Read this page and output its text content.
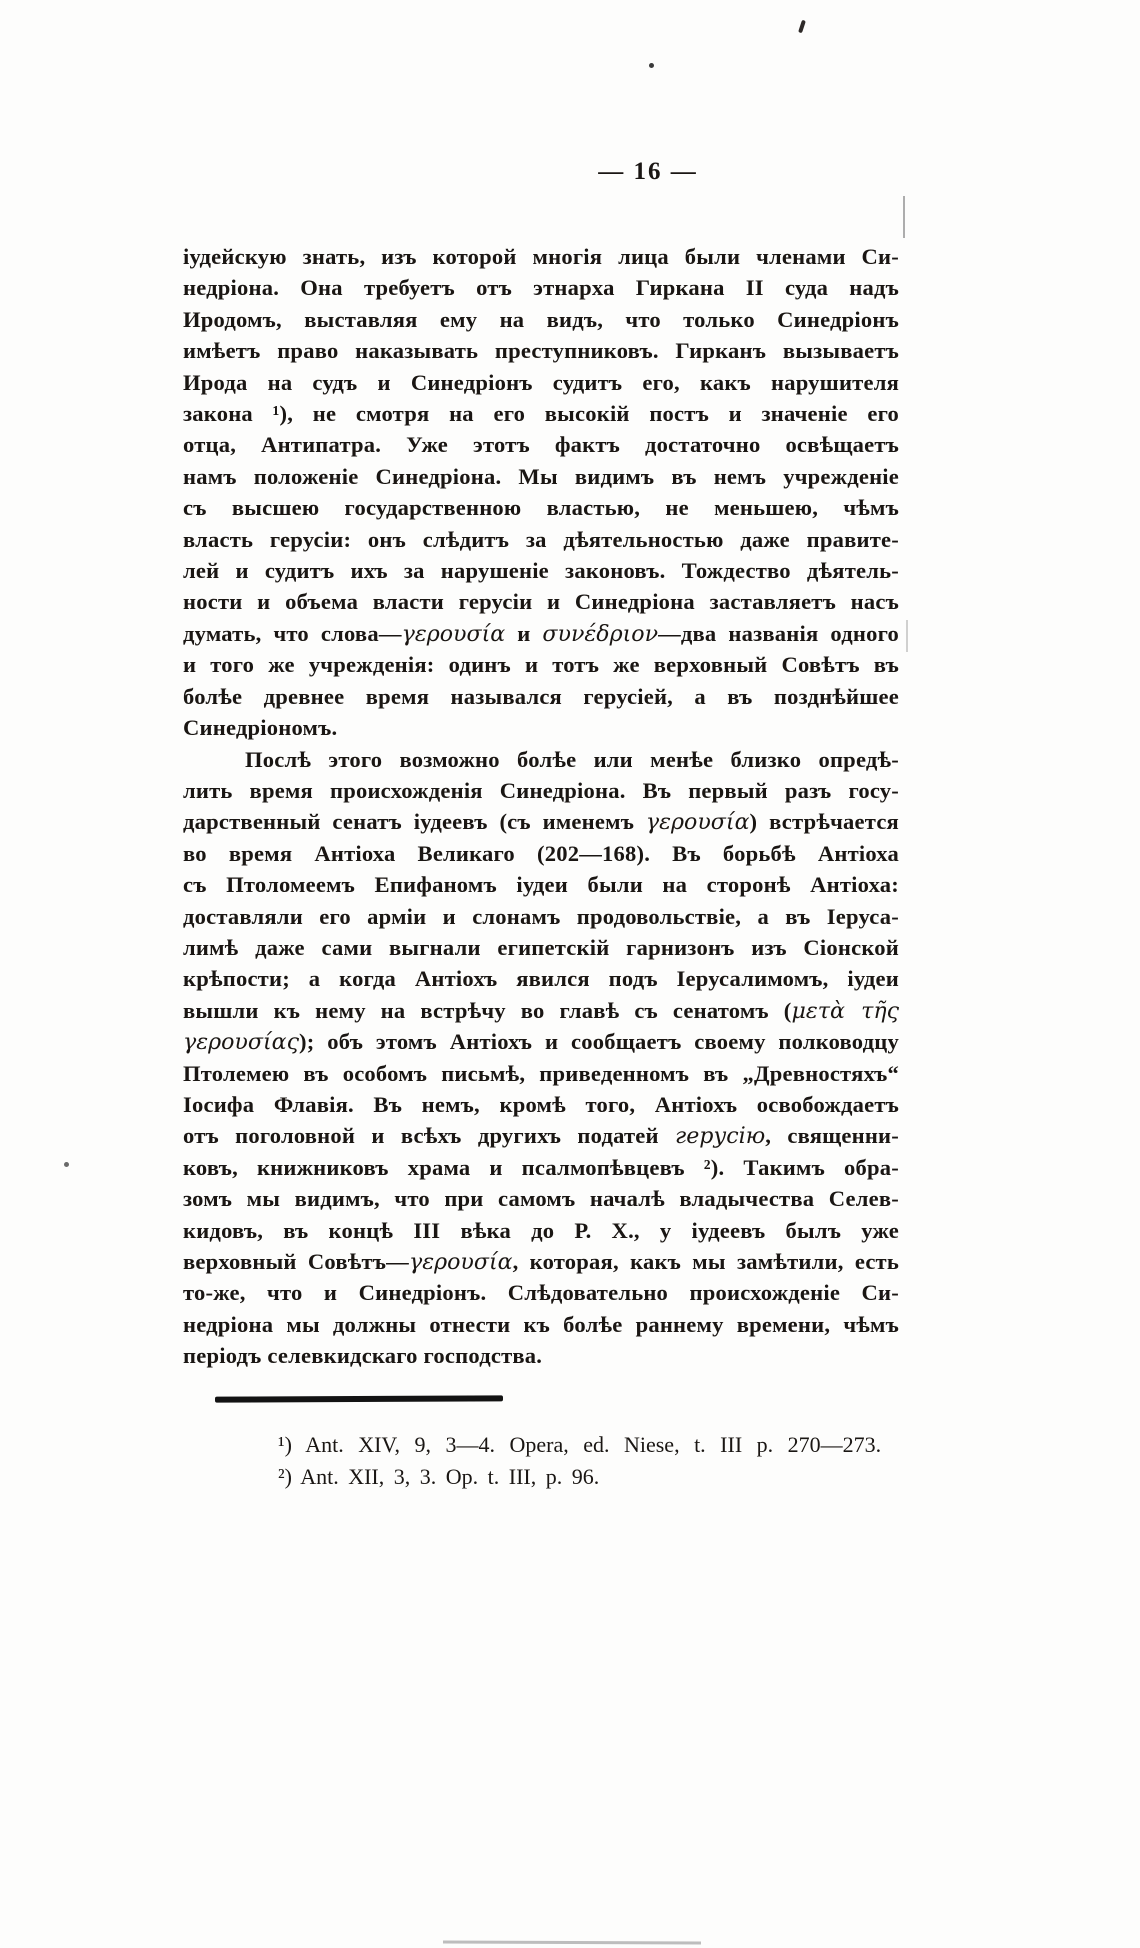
— 16 —
іудейскую знать, изъ которой многія лица были членами Си-
недріона. Она требуетъ отъ этнарха Гиркана II суда надъ
Иродомъ, выставляя ему на видъ, что только Синедріонъ
имѣетъ право наказывать преступниковъ. Гирканъ вызываетъ
Ирода на судъ и Синедріонъ судитъ его, какъ нарушителя
закона ¹), не смотря на его высокій постъ и значеніе его
отца, Антипатра. Уже этотъ фактъ достаточно освѣщаетъ
намъ положеніе Синедріона. Мы видимъ въ немъ учрежденіе
съ высшею государственною властью, не меньшею, чѣмъ
власть герусіи: онъ слѣдитъ за дѣятельностью даже правите-
лей и судитъ ихъ за нарушеніе законовъ. Тождество дѣятель-
ности и объема власти герусіи и Синедріона заставляетъ насъ
думать, что слова—γερουσία и συνέδριον—два названія одного
и того же учрежденія: одинъ и тотъ же верховный Совѣтъ въ
болѣе древнее время назывался герусіей, а въ позднѣйшее
Синедріономъ.
Послѣ этого возможно болѣе или менѣе близко опредѣ-
лить время происхожденія Синедріона. Въ первый разъ госу-
дарственный сенатъ іудеевъ (съ именемъ γερουσία) встрѣчается
во время Антіоха Великаго (202—168). Въ борьбѣ Антіоха
съ Птоломеемъ Епифаномъ іудеи были на сторонѣ Антіоха:
доставляли его арміи и слонамъ продовольствіе, а въ Іеруса-
лимѣ даже сами выгнали египетскій гарнизонъ изъ Сіонской
крѣпости; а когда Антіохъ явился подъ Іерусалимомъ, іудеи
вышли къ нему на встрѣчу во главѣ съ сенатомъ (μετὰ τῆς
γερουσίας); объ этомъ Антіохъ и сообщаетъ своему полководцу
Птолемею въ особомъ письмѣ, приведенномъ въ „Древностяхъ“
Іосифа Флавія. Въ немъ, кромѣ того, Антіохъ освобождаетъ
отъ поголовной и всѣхъ другихъ податей герусію, священни-
ковъ, книжниковъ храма и псалмопѣвцевъ ²). Такимъ обра-
зомъ мы видимъ, что при самомъ началѣ владычества Селев-
кидовъ, въ концѣ III вѣка до Р. Х., у іудеевъ былъ уже
верховный Совѣтъ—γερουσία, которая, какъ мы замѣтили, есть
то-же, что и Синедріонъ. Слѣдовательно происхожденіе Си-
недріона мы должны отнести къ болѣе раннему времени, чѣмъ
періодъ селевкидскаго господства.
¹) Ant. XIV, 9, 3—4. Opera, ed. Niese, t. III p. 270—273.
²) Ant. XII, 3, 3. Op. t. III, p. 96.
